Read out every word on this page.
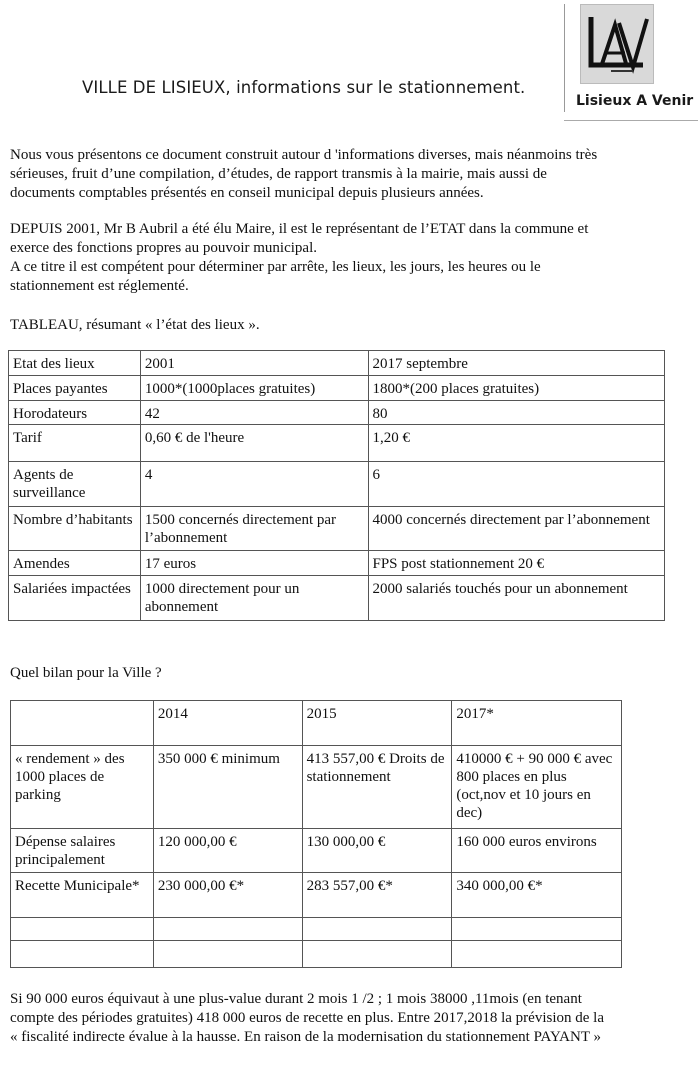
VILLE DE LISIEUX, informations sur le stationnement.
Lisieux A Venir
Nous vous présentons ce document construit autour d 'informations diverses, mais néanmoins très
sérieuses, fruit d’une compilation, d’études, de rapport transmis à la mairie, mais aussi de
documents comptables présentés en conseil municipal depuis plusieurs années.
DEPUIS 2001, Mr B Aubril a été élu Maire, il est le représentant de l’ETAT dans la commune et
exerce des fonctions propres au pouvoir municipal.
A ce titre il est compétent pour déterminer par arrête, les lieux, les jours, les heures ou le
stationnement est réglementé.
TABLEAU, résumant « l’état des lieux ».
Etat des lieux	2001	2017 septembre
Places payantes	1000*(1000places gratuites)	1800*(200 places gratuites)
Horodateurs	42	80
Tarif	0,60 € de l'heure	1,20 €
Agents de surveillance	4	6
Nombre d’habitants	1500 concernés directement par l’abonnement	4000 concernés directement par l’abonnement
Amendes	17 euros	FPS post stationnement 20 €
Salariées impactées	1000 directement pour un abonnement	2000 salariés touchés pour un abonnement
Quel bilan pour la Ville ?
	2014	2015	2017*
« rendement » des 1000 places de parking	350 000 € minimum	413 557,00 € Droits de stationnement	410000 € + 90 000 € avec 800 places en plus (oct,nov et 10 jours en dec)
Dépense salaires principalement	120 000,00 €	130 000,00 €	160 000 euros environs
Recette Municipale*	230 000,00 €*	283 557,00 €*	340 000,00 €*

Si 90 000 euros équivaut à une plus-value durant 2 mois 1 /2 ; 1 mois 38000 ,11mois (en tenant
compte des périodes gratuites) 418 000 euros de recette en plus. Entre 2017,2018 la prévision de la
« fiscalité indirecte évalue à la hausse. En raison de la modernisation du stationnement PAYANT »
